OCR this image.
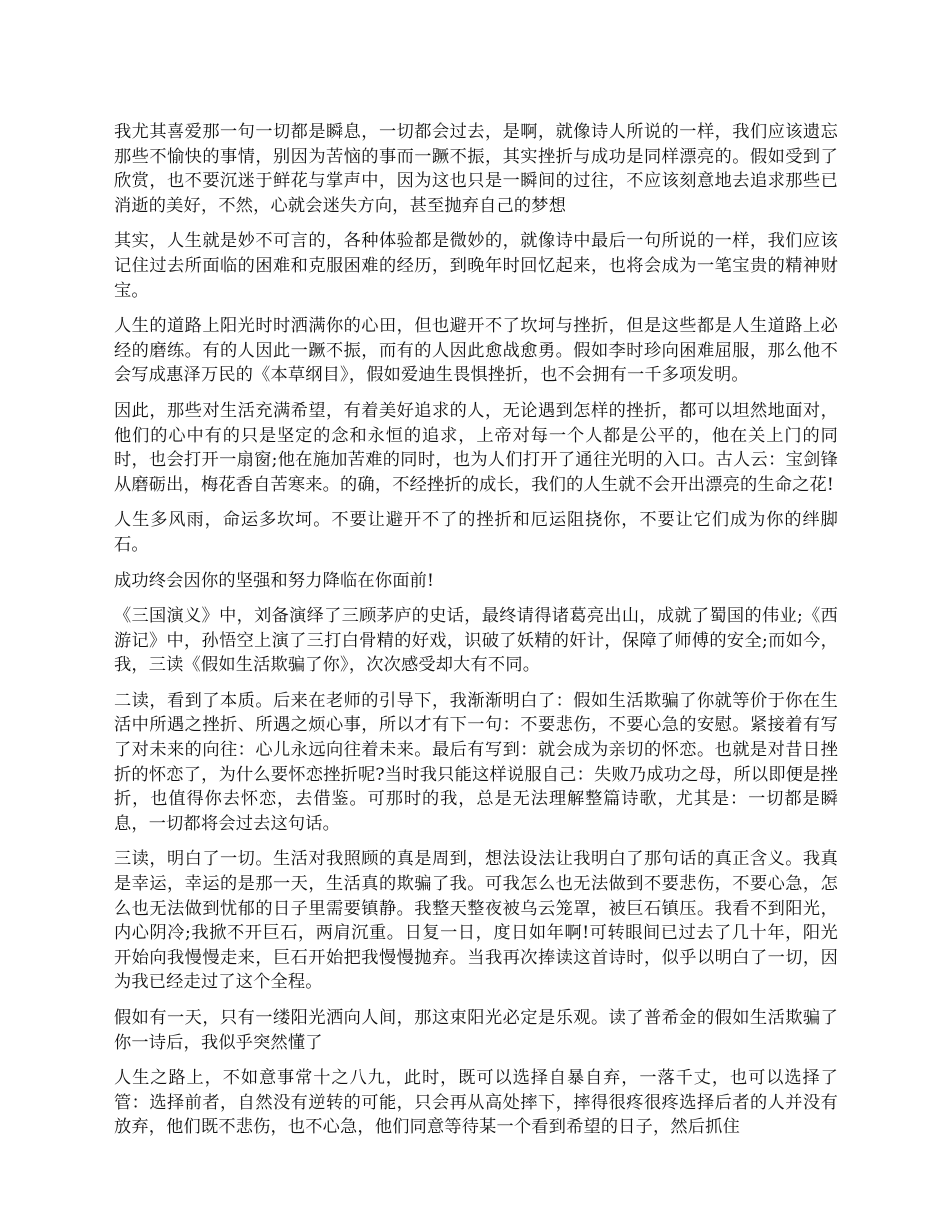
我尤其喜爱那一句一切都是瞬息，一切都会过去，是啊，就像诗人所说的一样，我们应该遗忘那些不愉快的事情，别因为苦恼的事而一蹶不振，其实挫折与成功是同样漂亮的。假如受到了欣赏，也不要沉迷于鲜花与掌声中，因为这也只是一瞬间的过往，不应该刻意地去追求那些已消逝的美好，不然，心就会迷失方向，甚至抛弃自己的梦想

其实，人生就是妙不可言的，各种体验都是微妙的，就像诗中最后一句所说的一样，我们应该记住过去所面临的困难和克服困难的经历，到晚年时回忆起来，也将会成为一笔宝贵的精神财宝。

人生的道路上阳光时时洒满你的心田，但也避开不了坎坷与挫折，但是这些都是人生道路上必经的磨练。有的人因此一蹶不振，而有的人因此愈战愈勇。假如李时珍向困难屈服，那么他不会写成惠泽万民的《本草纲目》，假如爱迪生畏惧挫折，也不会拥有一千多项发明。

因此，那些对生活充满希望，有着美好追求的人，无论遇到怎样的挫折，都可以坦然地面对，他们的心中有的只是坚定的念和永恒的追求，上帝对每一个人都是公平的，他在关上门的同时，也会打开一扇窗;他在施加苦难的同时，也为人们打开了通往光明的入口。古人云：宝剑锋从磨砺出，梅花香自苦寒来。的确，不经挫折的成长，我们的人生就不会开出漂亮的生命之花!

人生多风雨，命运多坎坷。不要让避开不了的挫折和厄运阻挠你，不要让它们成为你的绊脚石。

成功终会因你的坚强和努力降临在你面前!

《三国演义》中，刘备演绎了三顾茅庐的史话，最终请得诸葛亮出山，成就了蜀国的伟业;《西游记》中，孙悟空上演了三打白骨精的好戏，识破了妖精的奸计，保障了师傅的安全;而如今，我，三读《假如生活欺骗了你》，次次感受却大有不同。

二读，看到了本质。后来在老师的引导下，我渐渐明白了：假如生活欺骗了你就等价于你在生活中所遇之挫折、所遇之烦心事，所以才有下一句：不要悲伤，不要心急的安慰。紧接着有写了对未来的向往：心儿永远向往着未来。最后有写到：就会成为亲切的怀恋。也就是对昔日挫折的怀恋了，为什么要怀恋挫折呢?当时我只能这样说服自己：失败乃成功之母，所以即便是挫折，也值得你去怀恋，去借鉴。可那时的我，总是无法理解整篇诗歌，尤其是：一切都是瞬息，一切都将会过去这句话。

三读，明白了一切。生活对我照顾的真是周到，想法设法让我明白了那句话的真正含义。我真是幸运，幸运的是那一天，生活真的欺骗了我。可我怎么也无法做到不要悲伤，不要心急，怎么也无法做到忧郁的日子里需要镇静。我整天整夜被乌云笼罩，被巨石镇压。我看不到阳光，内心阴冷;我掀不开巨石，两肩沉重。日复一日，度日如年啊!可转眼间已过去了几十年，阳光开始向我慢慢走来，巨石开始把我慢慢抛弃。当我再次捧读这首诗时，似乎以明白了一切，因为我已经走过了这个全程。

假如有一天，只有一缕阳光洒向人间，那这束阳光必定是乐观。读了普希金的假如生活欺骗了你一诗后，我似乎突然懂了

人生之路上，不如意事常十之八九，此时，既可以选择自暴自弃，一落千丈，也可以选择了管：选择前者，自然没有逆转的可能，只会再从高处摔下，摔得很疼很疼选择后者的人并没有放弃，他们既不悲伤，也不心急，他们同意等待某一个看到希望的日子，然后抓住
